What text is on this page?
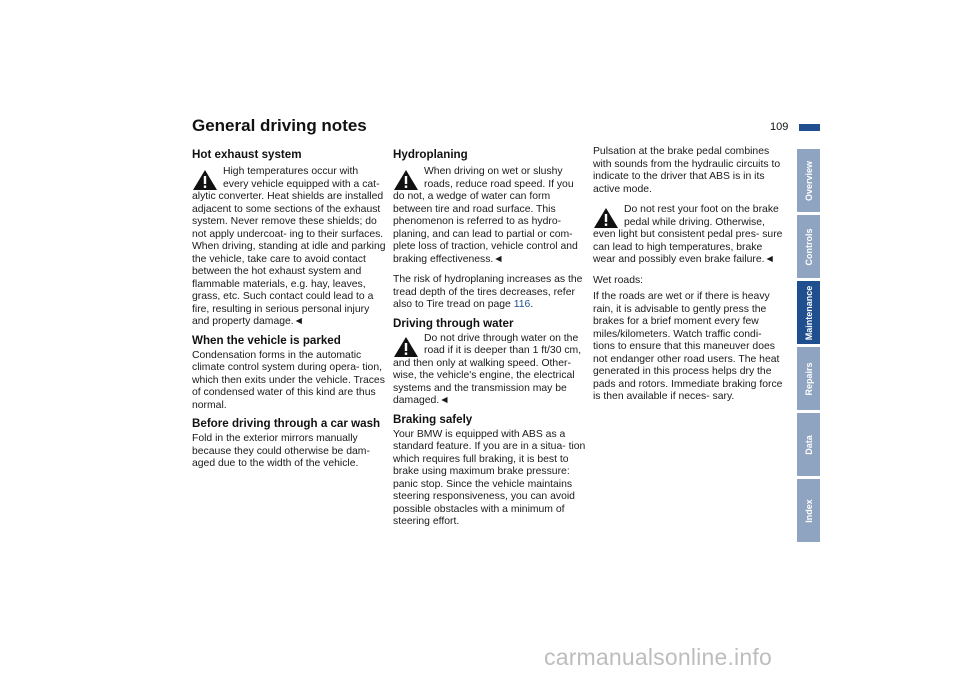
General driving notes	109
Hot exhaust system

High temperatures occur with every vehicle equipped with a cat- alytic converter. Heat shields are installed adjacent to some sections of the exhaust system. Never remove these shields; do not apply undercoat- ing to their surfaces. When driving, standing at idle and parking the vehicle, take care to avoid contact between the hot exhaust system and flammable materials, e.g. hay, leaves, grass, etc. Such contact could lead to a fire, resulting in serious personal injury and property damage.◄

When the vehicle is parked

Condensation forms in the automatic climate control system during opera- tion, which then exits under the vehicle. Traces of condensed water of this kind are thus normal.

Before driving through a car wash

Fold in the exterior mirrors manually because they could otherwise be dam- aged due to the width of the vehicle.

Hydroplaning

When driving on wet or slushy roads, reduce road speed. If you do not, a wedge of water can form between tire and road surface. This phenomenon is referred to as hydro- planing, and can lead to partial or com- plete loss of traction, vehicle control and braking effectiveness.◄

The risk of hydroplaning increases as the tread depth of the tires decreases, refer also to Tire tread on page 116.

Driving through water

Do not drive through water on the road if it is deeper than 1 ft/30 cm, and then only at walking speed. Other- wise, the vehicle's engine, the electrical systems and the transmission may be damaged.◄

Braking safely

Your BMW is equipped with ABS as a standard feature. If you are in a situa- tion which requires full braking, it is best to brake using maximum brake pressure: panic stop. Since the vehicle maintains steering responsiveness, you can avoid possible obstacles with a minimum of steering effort.

Pulsation at the brake pedal combines with sounds from the hydraulic circuits to indicate to the driver that ABS is in its active mode.

Do not rest your foot on the brake pedal while driving. Otherwise, even light but consistent pedal pres- sure can lead to high temperatures, brake wear and possibly even brake failure.◄

Wet roads:

If the roads are wet or if there is heavy rain, it is advisable to gently press the brakes for a brief moment every few miles/kilometers. Watch traffic condi- tions to ensure that this maneuver does not endanger other road users. The heat generated in this process helps dry the pads and rotors. Immediate braking force is then available if neces- sary.

Overview
Controls
Maintenance
Repairs
Data
Index
carmanualsonline.info
